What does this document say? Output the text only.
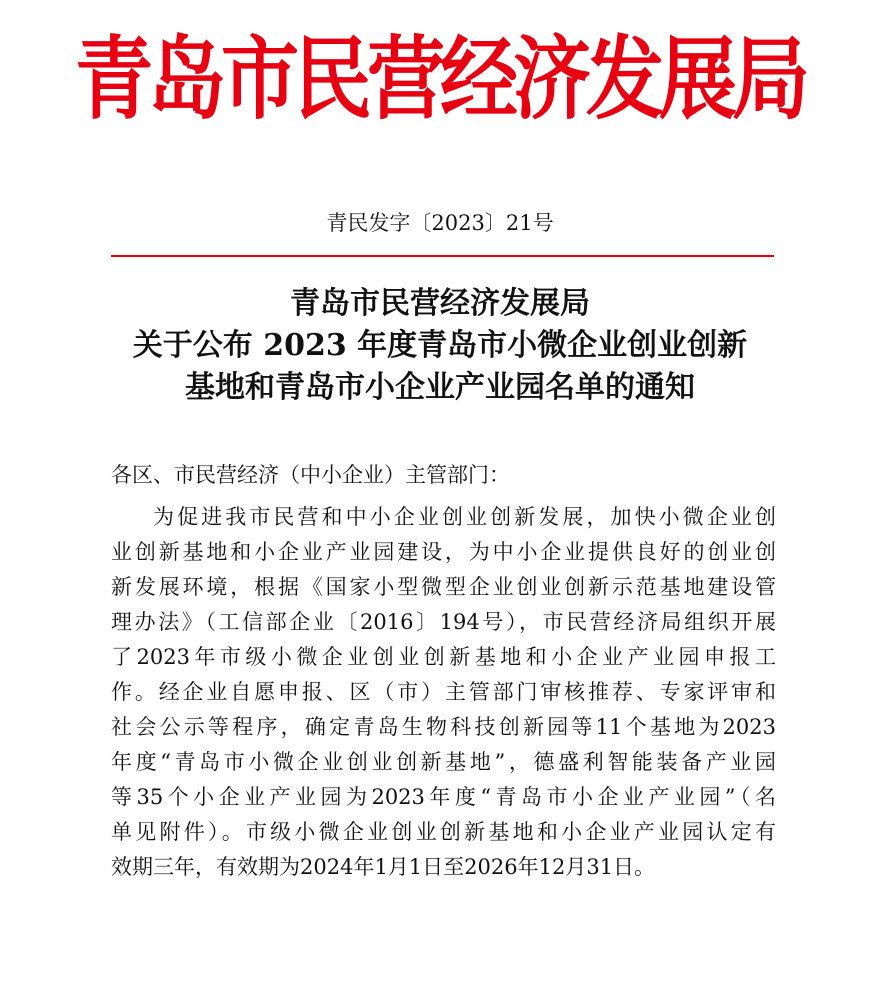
青岛市民营经济发展局
青民发字〔2023〕21号
青岛市民营经济发展局
关于公布 2023 年度青岛市小微企业创业创新
基地和青岛市小企业产业园名单的通知
各区、市民营经济（中小企业）主管部门：
为促进我市民营和中小企业创业创新发展，加快小微企业创
业创新基地和小企业产业园建设，为中小企业提供良好的创业创
新发展环境，根据《国家小型微型企业创业创新示范基地建设管
理办法》（工信部企业〔2016〕194号），市民营经济局组织开展
了2023年市级小微企业创业创新基地和小企业产业园申报工
作。经企业自愿申报、区（市）主管部门审核推荐、专家评审和
社会公示等程序，确定青岛生物科技创新园等11个基地为2023
年度“青岛市小微企业创业创新基地”，德盛利智能装备产业园
等35个小企业产业园为2023年度“青岛市小企业产业园”（名
单见附件）。市级小微企业创业创新基地和小企业产业园认定有
效期三年，有效期为2024年1月1日至2026年12月31日。
